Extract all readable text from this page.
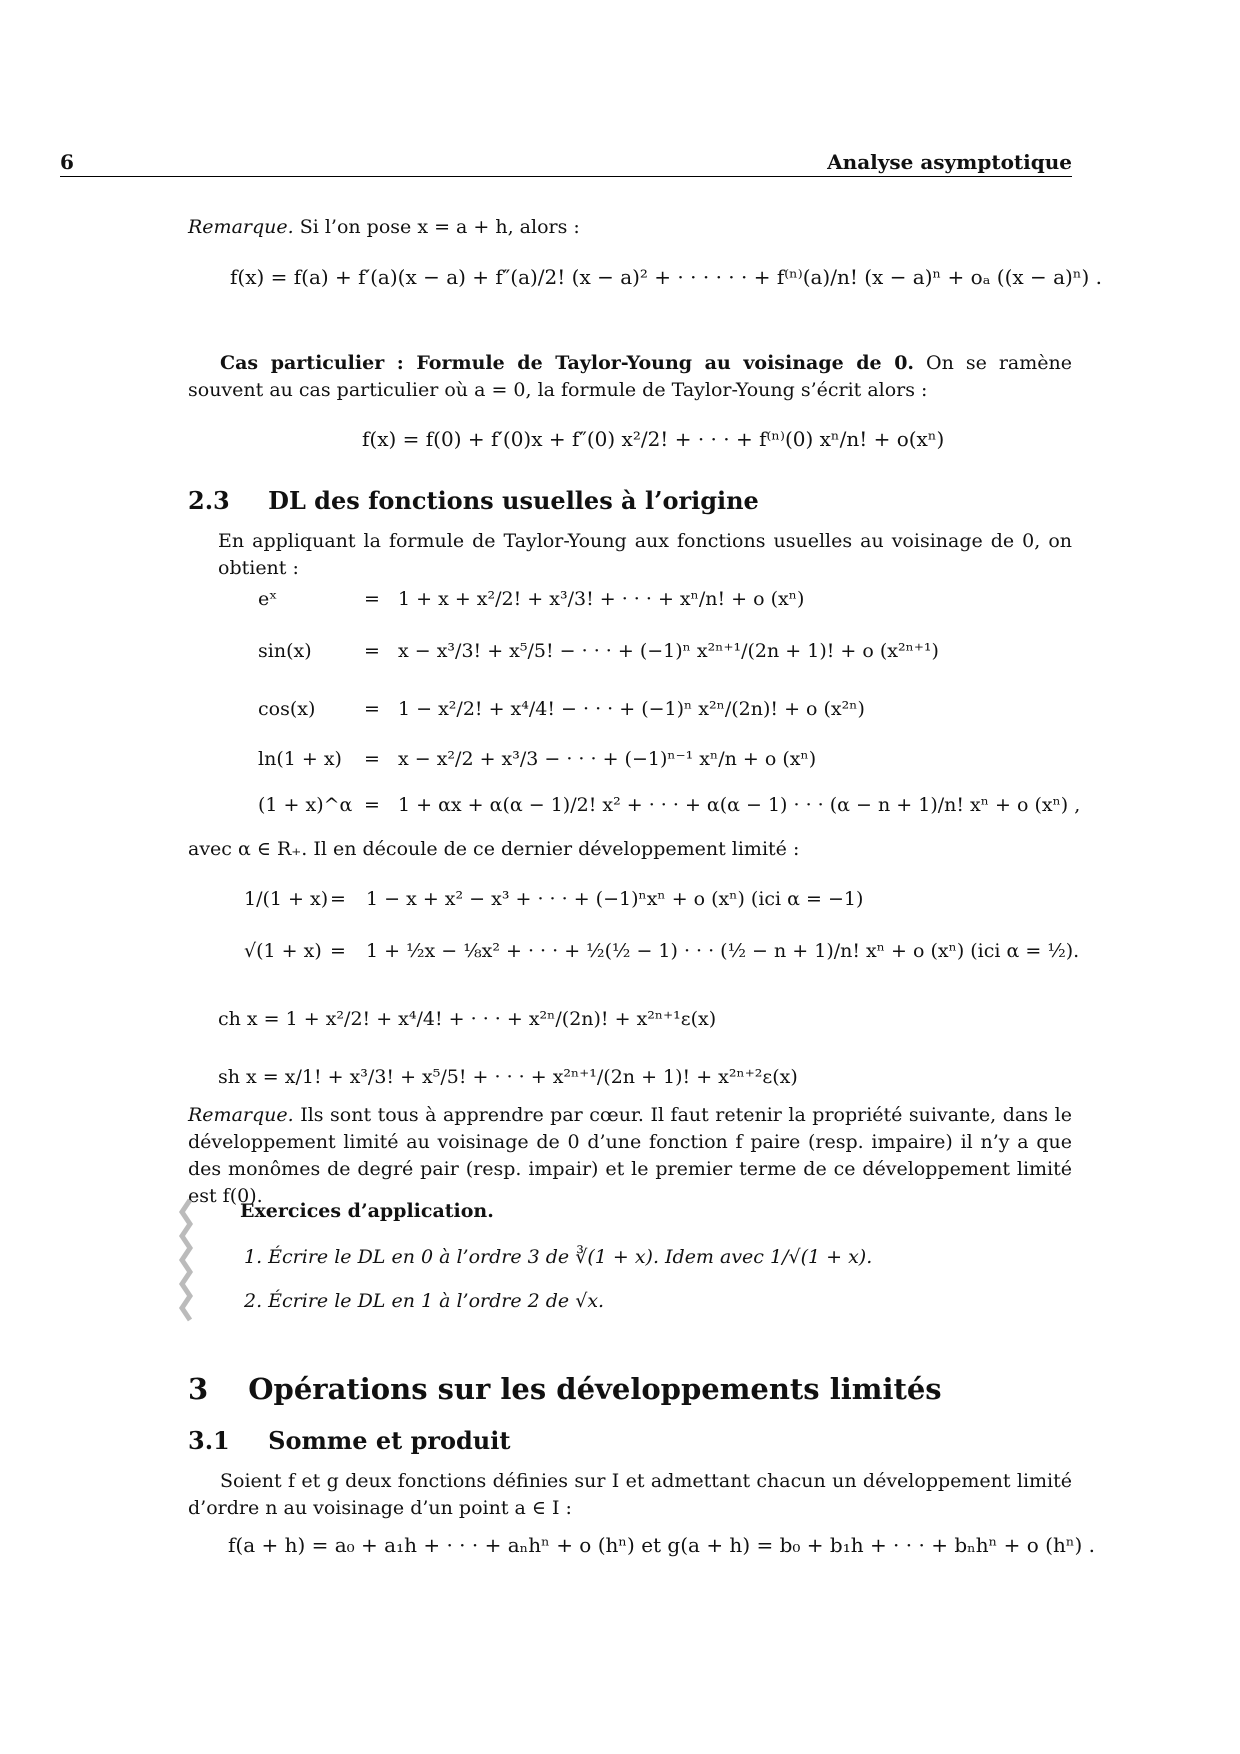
6	Analyse asymptotique
Remarque. Si l’on pose x = a + h, alors :
f(x) = f(a) + f′(a)(x − a) + f″(a)/2! (x − a)² + · · · · · · + f⁽ⁿ⁾(a)/n! (x − a)ⁿ + oₐ ((x − a)ⁿ) .
Cas particulier : Formule de Taylor-Young au voisinage de 0. On se ramène souvent au cas particulier où a = 0, la formule de Taylor-Young s’écrit alors :
f(x) = f(0) + f′(0)x + f″(0) x²/2! + · · · + f⁽ⁿ⁾(0) xⁿ/n! + o(xⁿ)
2.3 DL des fonctions usuelles à l’origine
En appliquant la formule de Taylor-Young aux fonctions usuelles au voisinage de 0, on obtient :
eˣ	= 1 + x + x²/2! + x³/3! + · · · + xⁿ/n! + o (xⁿ)
sin(x)	= x − x³/3! + x⁵/5! − · · · + (−1)ⁿ x²ⁿ⁺¹/(2n + 1)! + o (x²ⁿ⁺¹)
cos(x)	= 1 − x²/2! + x⁴/4! − · · · + (−1)ⁿ x²ⁿ/(2n)! + o (x²ⁿ)
ln(1 + x) = x − x²/2 + x³/3 − · · · + (−1)ⁿ⁻¹ xⁿ/n + o (xⁿ)
(1 + x)^α = 1 + αx + α(α − 1)/2! x² + · · · + α(α − 1) · · · (α − n + 1)/n! xⁿ + o (xⁿ) ,
avec α ∈ R₊. Il en découle de ce dernier développement limité :
1/(1 + x) = 1 − x + x² − x³ + · · · + (−1)ⁿxⁿ + o (xⁿ) (ici α = −1)
√(1 + x) = 1 + ½x − ⅛x² + · · · + ½(½ − 1) · · · (½ − n + 1)/n! xⁿ + o (xⁿ) (ici α = ½).
ch x = 1 + x²/2! + x⁴/4! + · · · + x²ⁿ/(2n)! + x²ⁿ⁺¹ε(x)
sh x = x/1! + x³/3! + x⁵/5! + · · · + x²ⁿ⁺¹/(2n + 1)! + x²ⁿ⁺²ε(x)
Remarque. Ils sont tous à apprendre par cœur. Il faut retenir la propriété suivante, dans le développement limité au voisinage de 0 d’une fonction f paire (resp. impaire) il n’y a que des monômes de degré pair (resp. impair) et le premier terme de ce développement limité est f(0).
Exercices d’application.
1. Écrire le DL en 0 à l’ordre 3 de ∛(1 + x). Idem avec 1/√(1 + x).
2. Écrire le DL en 1 à l’ordre 2 de √x.
3 Opérations sur les développements limités
3.1 Somme et produit
Soient f et g deux fonctions définies sur I et admettant chacun un développement limité d’ordre n au voisinage d’un point a ∈ I :
f(a + h) = a₀ + a₁h + · · · + aₙhⁿ + o (hⁿ) et g(a + h) = b₀ + b₁h + · · · + bₙhⁿ + o (hⁿ) .
